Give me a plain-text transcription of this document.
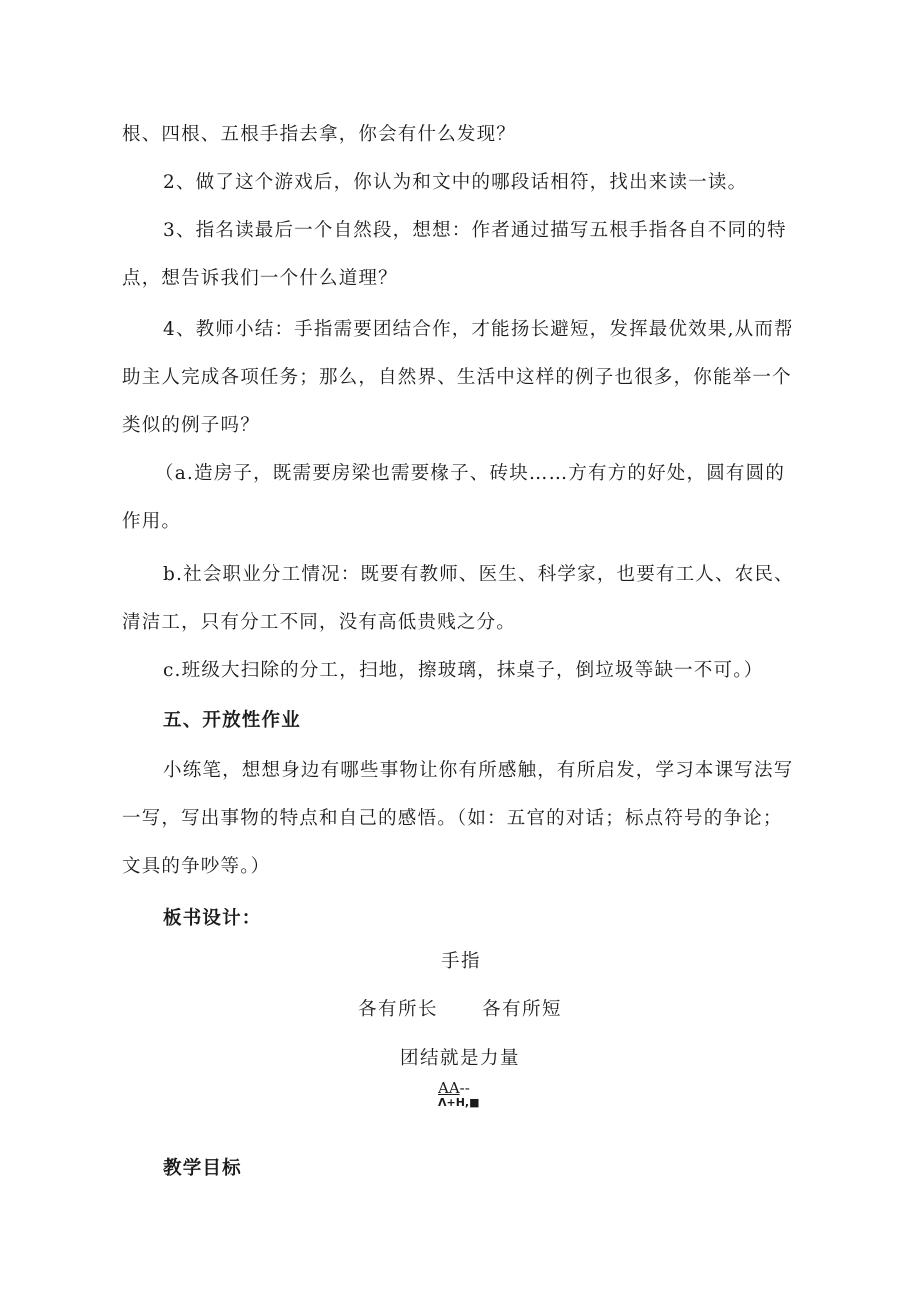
根、四根、五根手指去拿，你会有什么发现？
2、做了这个游戏后，你认为和文中的哪段话相符，找出来读一读。
3、指名读最后一个自然段，想想：作者通过描写五根手指各自不同的特
点，想告诉我们一个什么道理？
4、教师小结：手指需要团结合作，才能扬长避短，发挥最优效果,从而帮
助主人完成各项任务；那么，自然界、生活中这样的例子也很多，你能举一个
类似的例子吗？
（a.造房子，既需要房梁也需要椽子、砖块……方有方的好处，圆有圆的
作用。
b.社会职业分工情况：既要有教师、医生、科学家，也要有工人、农民、
清洁工，只有分工不同，没有高低贵贱之分。
c.班级大扫除的分工，扫地，擦玻璃，抹桌子，倒垃圾等缺一不可。）
五、开放性作业
小练笔，想想身边有哪些事物让你有所感触，有所启发，学习本课写法写
一写，写出事物的特点和自己的感悟。（如：五官的对话；标点符号的争论；
文具的争吵等。）
板书设计：
手指
各有所长 各有所短
团结就是力量
AA--
Λ+H,■
教学目标
